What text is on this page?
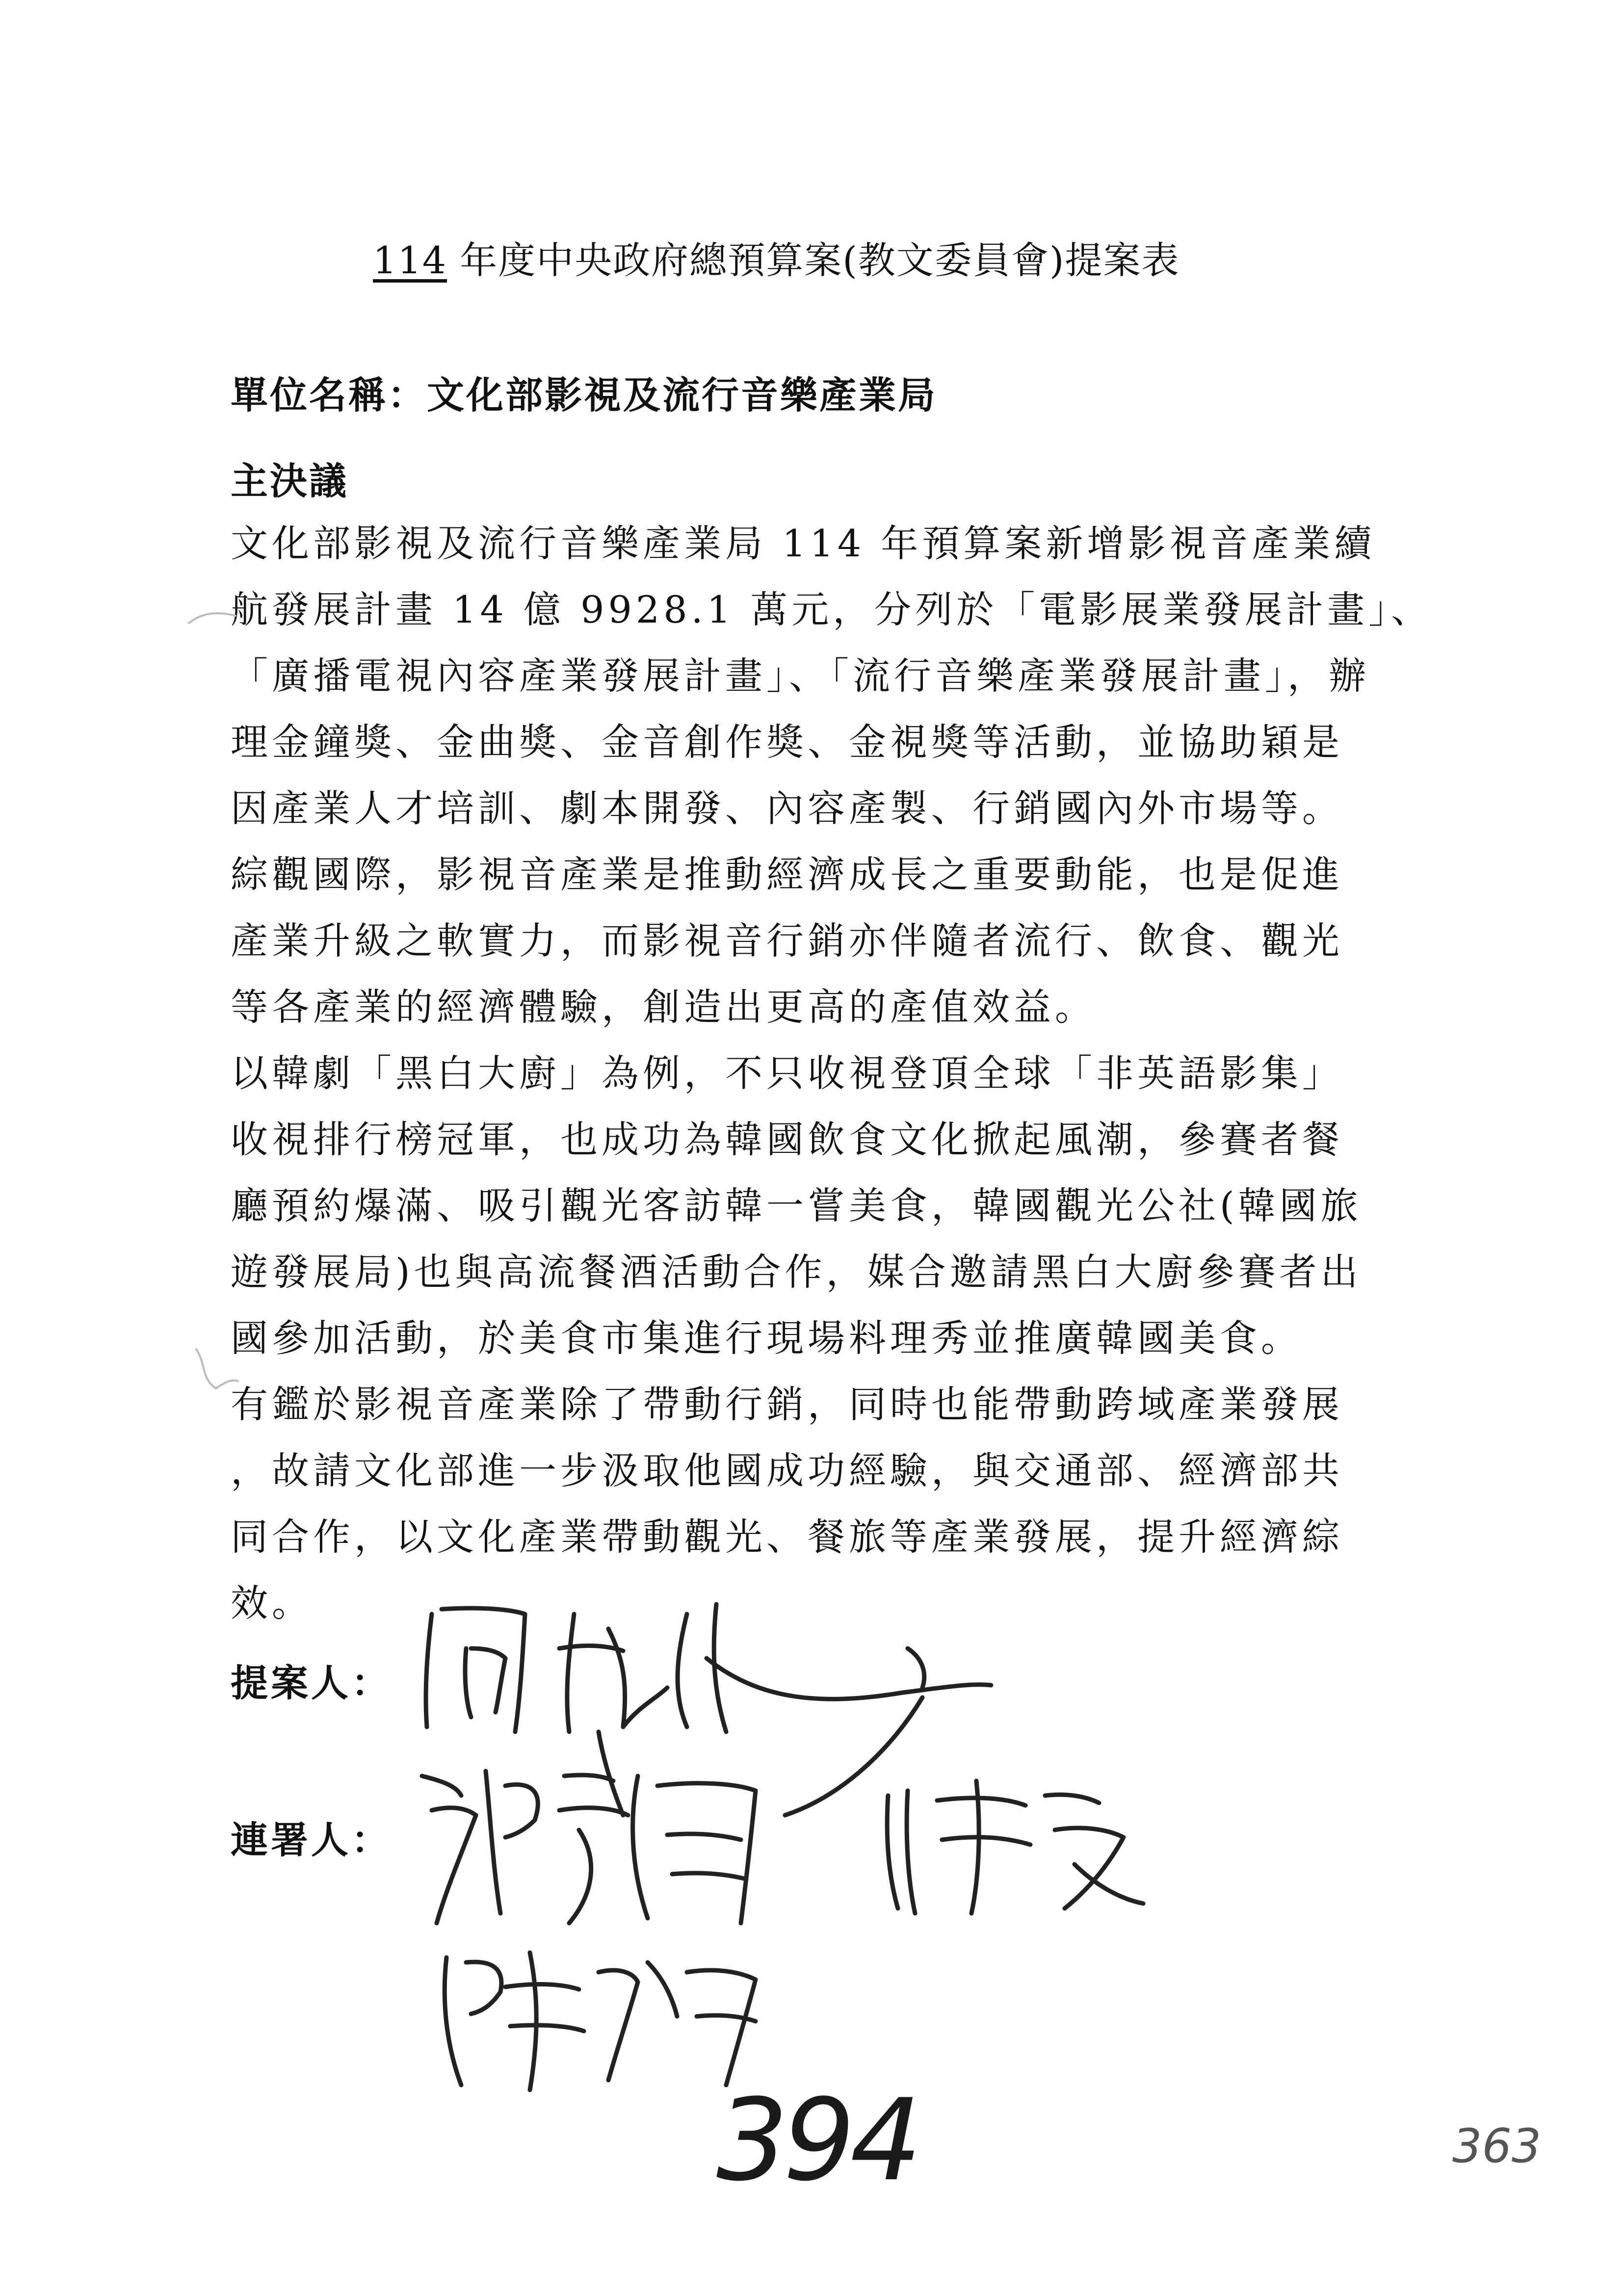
114 年度中央政府總預算案(教文委員會)提案表
單位名稱：文化部影視及流行音樂產業局
主決議
文化部影視及流行音樂產業局 114 年預算案新增影視音產業續
航發展計畫 14 億 9928.1 萬元，分列於「電影展業發展計畫」、
「廣播電視內容產業發展計畫」、「流行音樂產業發展計畫」，辦
理金鐘獎、金曲獎、金音創作獎、金視獎等活動，並協助穎是
因產業人才培訓、劇本開發、內容產製、行銷國內外市場等。
綜觀國際，影視音產業是推動經濟成長之重要動能，也是促進
產業升級之軟實力，而影視音行銷亦伴隨者流行、飲食、觀光
等各產業的經濟體驗，創造出更高的產值效益。
以韓劇「黑白大廚」為例，不只收視登頂全球「非英語影集」
收視排行榜冠軍，也成功為韓國飲食文化掀起風潮，參賽者餐
廳預約爆滿、吸引觀光客訪韓一嘗美食，韓國觀光公社(韓國旅
遊發展局)也與高流餐酒活動合作，媒合邀請黑白大廚參賽者出
國參加活動，於美食市集進行現場料理秀並推廣韓國美食。
有鑑於影視音產業除了帶動行銷，同時也能帶動跨域產業發展
，故請文化部進一步汲取他國成功經驗，與交通部、經濟部共
同合作，以文化產業帶動觀光、餐旅等產業發展，提升經濟綜
效。
提案人：
連署人：
394	363
